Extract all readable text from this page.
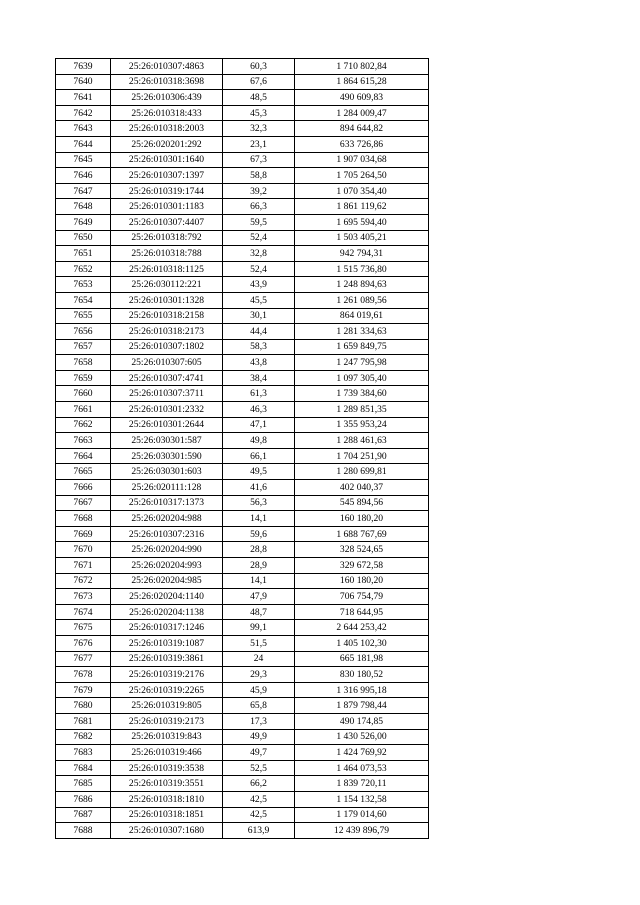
7639	25:26:010307:4863	60,3	1 710 802,84
7640	25:26:010318:3698	67,6	1 864 615,28
7641	25:26:010306:439	48,5	490 609,83
7642	25:26:010318:433	45,3	1 284 009,47
7643	25:26:010318:2003	32,3	894 644,82
7644	25:26:020201:292	23,1	633 726,86
7645	25:26:010301:1640	67,3	1 907 034,68
7646	25:26:010307:1397	58,8	1 705 264,50
7647	25:26:010319:1744	39,2	1 070 354,40
7648	25:26:010301:1183	66,3	1 861 119,62
7649	25:26:010307:4407	59,5	1 695 594,40
7650	25:26:010318:792	52,4	1 503 405,21
7651	25:26:010318:788	32,8	942 794,31
7652	25:26:010318:1125	52,4	1 515 736,80
7653	25:26:030112:221	43,9	1 248 894,63
7654	25:26:010301:1328	45,5	1 261 089,56
7655	25:26:010318:2158	30,1	864 019,61
7656	25:26:010318:2173	44,4	1 281 334,63
7657	25:26:010307:1802	58,3	1 659 849,75
7658	25:26:010307:605	43,8	1 247 795,98
7659	25:26:010307:4741	38,4	1 097 305,40
7660	25:26:010307:3711	61,3	1 739 384,60
7661	25:26:010301:2332	46,3	1 289 851,35
7662	25:26:010301:2644	47,1	1 355 953,24
7663	25:26:030301:587	49,8	1 288 461,63
7664	25:26:030301:590	66,1	1 704 251,90
7665	25:26:030301:603	49,5	1 280 699,81
7666	25:26:020111:128	41,6	402 040,37
7667	25:26:010317:1373	56,3	545 894,56
7668	25:26:020204:988	14,1	160 180,20
7669	25:26:010307:2316	59,6	1 688 767,69
7670	25:26:020204:990	28,8	328 524,65
7671	25:26:020204:993	28,9	329 672,58
7672	25:26:020204:985	14,1	160 180,20
7673	25:26:020204:1140	47,9	706 754,79
7674	25:26:020204:1138	48,7	718 644,95
7675	25:26:010317:1246	99,1	2 644 253,42
7676	25:26:010319:1087	51,5	1 405 102,30
7677	25:26:010319:3861	24	665 181,98
7678	25:26:010319:2176	29,3	830 180,52
7679	25:26:010319:2265	45,9	1 316 995,18
7680	25:26:010319:805	65,8	1 879 798,44
7681	25:26:010319:2173	17,3	490 174,85
7682	25:26:010319:843	49,9	1 430 526,00
7683	25:26:010319:466	49,7	1 424 769,92
7684	25:26:010319:3538	52,5	1 464 073,53
7685	25:26:010319:3551	66,2	1 839 720,11
7686	25:26:010318:1810	42,5	1 154 132,58
7687	25:26:010318:1851	42,5	1 179 014,60
7688	25:26:010307:1680	613,9	12 439 896,79
